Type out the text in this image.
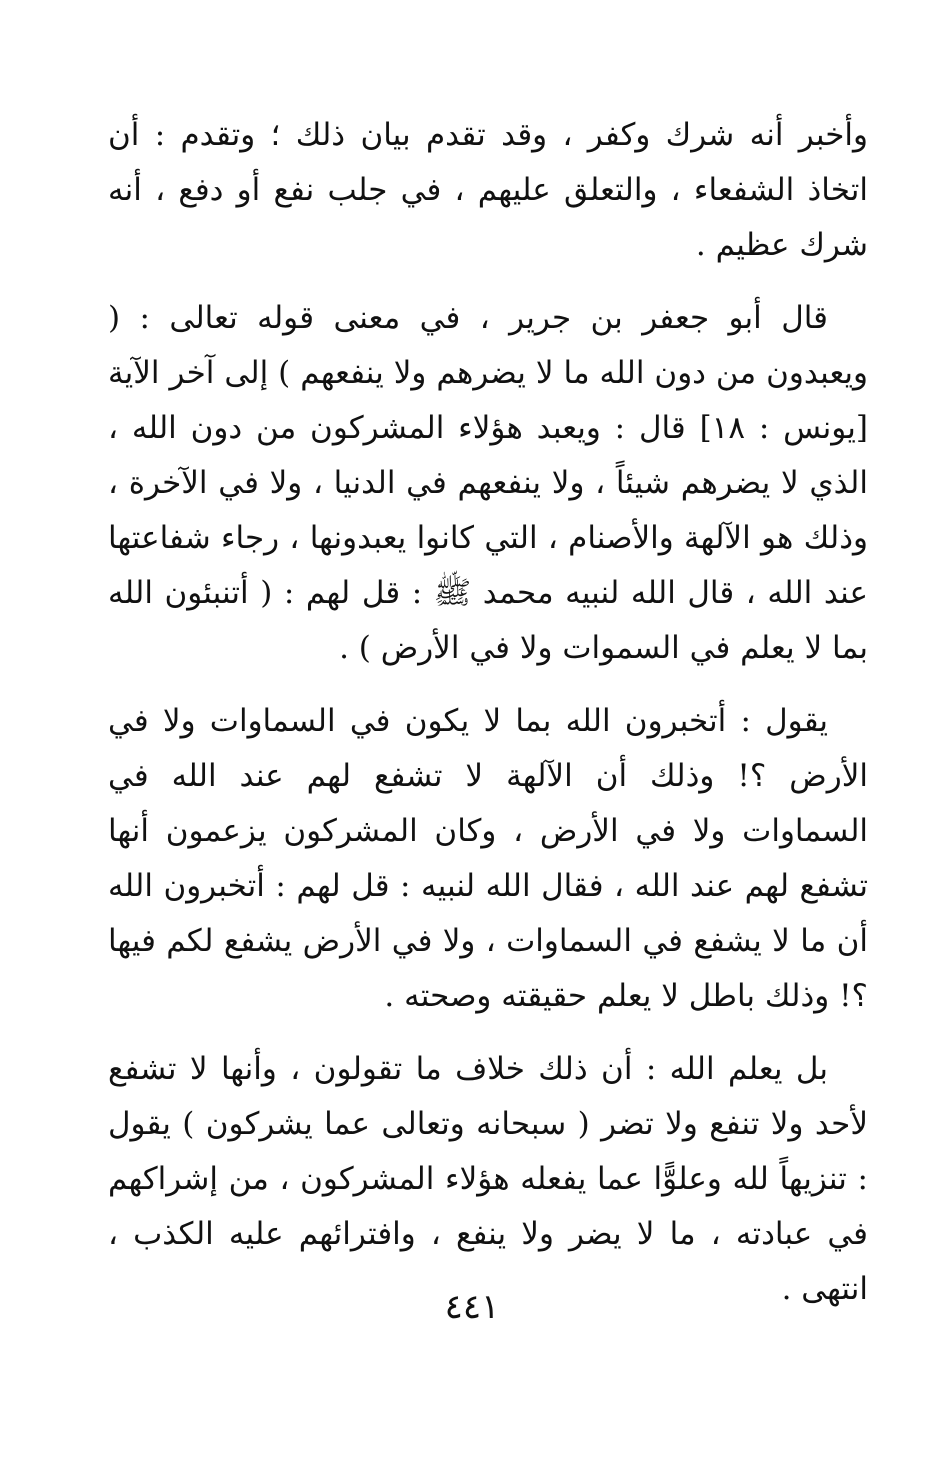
وأخبر أنه شرك وكفر ، وقد تقدم بيان ذلك ؛ وتقدم : أن اتخاذ الشفعاء ، والتعلق عليهم ، في جلب نفع أو دفع ، أنه شرك عظيم .

قال أبو جعفر بن جرير ، في معنى قوله تعالى : ( ويعبدون من دون الله ما لا يضرهم ولا ينفعهم ) إلى آخر الآية [يونس : ١٨] قال : ويعبد هؤلاء المشركون من دون الله ، الذي لا يضرهم شيئاً ، ولا ينفعهم في الدنيا ، ولا في الآخرة ، وذلك هو الآلهة والأصنام ، التي كانوا يعبدونها ، رجاء شفاعتها عند الله ، قال الله لنبيه محمد ﷺ : قل لهم : ( أتنبئون الله بما لا يعلم في السموات ولا في الأرض ) .

يقول : أتخبرون الله بما لا يكون في السماوات ولا في الأرض ؟! وذلك أن الآلهة لا تشفع لهم عند الله في السماوات ولا في الأرض ، وكان المشركون يزعمون أنها تشفع لهم عند الله ، فقال الله لنبيه : قل لهم : أتخبرون الله أن ما لا يشفع في السماوات ، ولا في الأرض يشفع لكم فيها ؟! وذلك باطل لا يعلم حقيقته وصحته .

بل يعلم الله : أن ذلك خلاف ما تقولون ، وأنها لا تشفع لأحد ولا تنفع ولا تضر ( سبحانه وتعالى عما يشركون ) يقول : تنزيهاً لله وعلوًّا عما يفعله هؤلاء المشركون ، من إشراكهم في عبادته ، ما لا يضر ولا ينفع ، وافترائهم عليه الكذب ، انتهى .

٤٤١
